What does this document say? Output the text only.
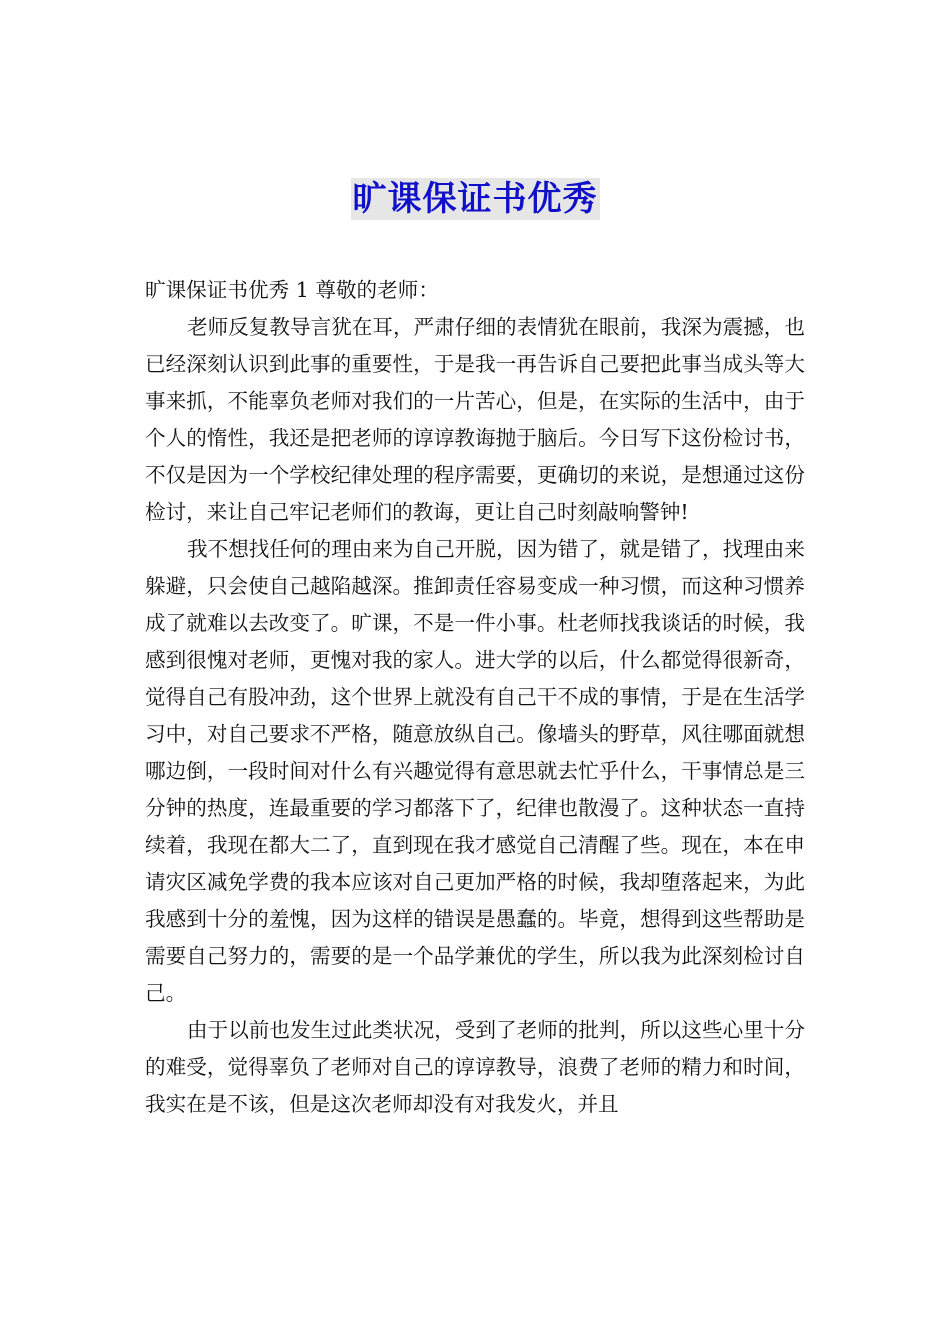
旷课保证书优秀

旷课保证书优秀 1 尊敬的老师：

老师反复教导言犹在耳，严肃仔细的表情犹在眼前，我深为震撼，也已经深刻认识到此事的重要性，于是我一再告诉自己要把此事当成头等大事来抓，不能辜负老师对我们的一片苦心，但是，在实际的生活中，由于个人的惰性，我还是把老师的谆谆教诲抛于脑后。今日写下这份检讨书，不仅是因为一个学校纪律处理的程序需要，更确切的来说，是想通过这份检讨，来让自己牢记老师们的教诲，更让自己时刻敲响警钟!

我不想找任何的理由来为自己开脱，因为错了，就是错了，找理由来躲避，只会使自己越陷越深。推卸责任容易变成一种习惯，而这种习惯养成了就难以去改变了。旷课，不是一件小事。杜老师找我谈话的时候，我感到很愧对老师，更愧对我的家人。进大学的以后，什么都觉得很新奇，觉得自己有股冲劲，这个世界上就没有自己干不成的事情，于是在生活学习中，对自己要求不严格，随意放纵自己。像墙头的野草，风往哪面就想哪边倒，一段时间对什么有兴趣觉得有意思就去忙乎什么，干事情总是三分钟的热度，连最重要的学习都落下了，纪律也散漫了。这种状态一直持续着，我现在都大二了，直到现在我才感觉自己清醒了些。现在，本在申请灾区减免学费的我本应该对自己更加严格的时候，我却堕落起来，为此我感到十分的羞愧，因为这样的错误是愚蠢的。毕竟，想得到这些帮助是需要自己努力的，需要的是一个品学兼优的学生，所以我为此深刻检讨自己。

由于以前也发生过此类状况，受到了老师的批判，所以这些心里十分的难受，觉得辜负了老师对自己的谆谆教导，浪费了老师的精力和时间，我实在是不该，但是这次老师却没有对我发火，并且
